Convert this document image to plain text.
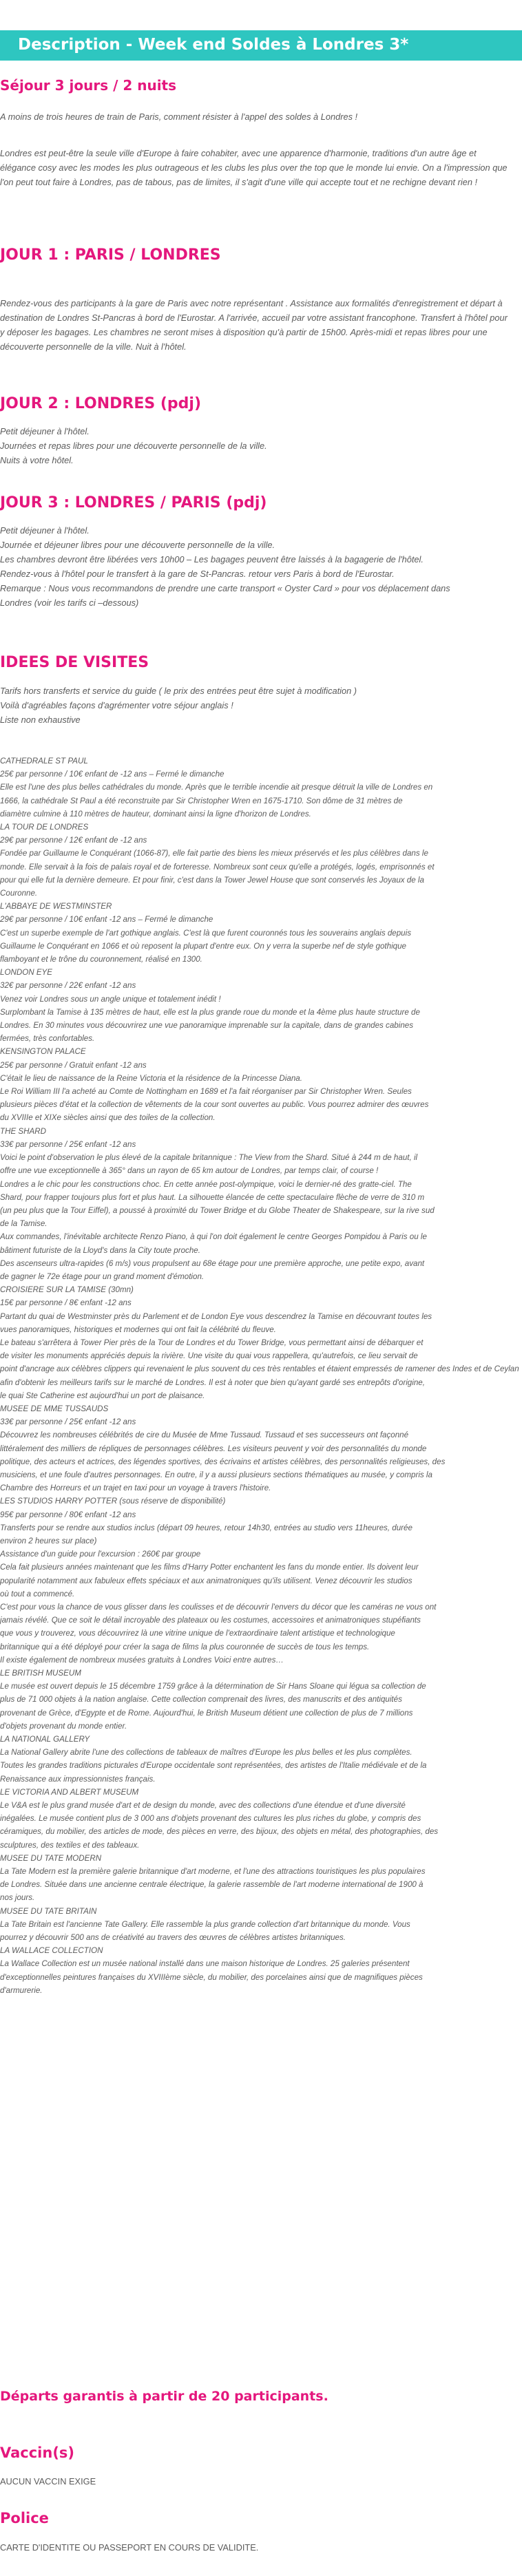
Description - Week end Soldes à Londres 3*
Séjour 3 jours / 2 nuits
A moins de trois heures de train de Paris, comment résister à l'appel des soldes à Londres !
Londres est peut-être la seule ville d'Europe à faire cohabiter, avec une apparence d'harmonie, traditions d'un autre âge et élégance cosy avec les modes les plus outrageous et les clubs les plus over the top que le monde lui envie. On a l'impression que l'on peut tout faire à Londres, pas de tabous, pas de limites, il s'agit d'une ville qui accepte tout et ne rechigne devant rien !
JOUR 1 : PARIS / LONDRES
Rendez-vous des participants à la gare de Paris avec notre représentant . Assistance aux formalités d'enregistrement et départ à destination de Londres St-Pancras à bord de l'Eurostar. A l'arrivée, accueil par votre assistant francophone. Transfert à l'hôtel pour y déposer les bagages. Les chambres ne seront mises à disposition qu'à partir de 15h00. Après-midi et repas libres pour une découverte personnelle de la ville. Nuit à l'hôtel.
JOUR 2 : LONDRES (pdj)
Petit déjeuner à l'hôtel.
Journées et repas libres pour une découverte personnelle de la ville.
Nuits à votre hôtel.
JOUR 3 : LONDRES / PARIS (pdj)
Petit déjeuner à l'hôtel.
Journée et déjeuner libres pour une découverte personnelle de la ville.
Les chambres devront être libérées vers 10h00 – Les bagages peuvent être laissés à la bagagerie de l'hôtel.
Rendez-vous à l'hôtel pour le transfert à la gare de St-Pancras. retour vers Paris à bord de l'Eurostar.
Remarque : Nous vous recommandons de prendre une carte transport « Oyster Card » pour vos déplacement dans
Londres (voir les tarifs ci –dessous)
IDEES DE VISITES
Tarifs hors transferts et service du guide ( le prix des entrées peut être sujet à modification )
Voilà d'agréables façons d'agrémenter votre séjour anglais !
Liste non exhaustive
CATHEDRALE ST PAUL
25€ par personne / 10€ enfant de -12 ans – Fermé le dimanche
Elle est l'une des plus belles cathédrales du monde. Après que le terrible incendie ait presque détruit la ville de Londres en
1666, la cathédrale St Paul a été reconstruite par Sir Christopher Wren en 1675-1710. Son dôme de 31 mètres de
diamètre culmine à 110 mètres de hauteur, dominant ainsi la ligne d'horizon de Londres.
LA TOUR DE LONDRES
29€ par personne / 12€ enfant de -12 ans
Fondée par Guillaume le Conquérant (1066-87), elle fait partie des biens les mieux préservés et les plus célèbres dans le
monde. Elle servait à la fois de palais royal et de forteresse. Nombreux sont ceux qu'elle a protégés, logés, emprisonnés et
pour qui elle fut la dernière demeure. Et pour finir, c'est dans la Tower Jewel House que sont conservés les Joyaux de la
Couronne.
L'ABBAYE DE WESTMINSTER
29€ par personne / 10€ enfant -12 ans – Fermé le dimanche
C'est un superbe exemple de l'art gothique anglais. C'est là que furent couronnés tous les souverains anglais depuis
Guillaume le Conquérant en 1066 et où reposent la plupart d'entre eux. On y verra la superbe nef de style gothique
flamboyant et le trône du couronnement, réalisé en 1300.
LONDON EYE
32€ par personne / 22€ enfant -12 ans
Venez voir Londres sous un angle unique et totalement inédit !
Surplombant la Tamise à 135 mètres de haut, elle est la plus grande roue du monde et la 4ème plus haute structure de
Londres. En 30 minutes vous découvrirez une vue panoramique imprenable sur la capitale, dans de grandes cabines
fermées, très confortables.
KENSINGTON PALACE
25€ par personne / Gratuit enfant -12 ans
C'était le lieu de naissance de la Reine Victoria et la résidence de la Princesse Diana.
Le Roi William III l'a acheté au Comte de Nottingham en 1689 et l'a fait réorganiser par Sir Christopher Wren. Seules
plusieurs pièces d'état et la collection de vêtements de la cour sont ouvertes au public. Vous pourrez admirer des œuvres
du XVIIIe et XIXe siècles ainsi que des toiles de la collection.
THE SHARD
33€ par personne / 25€ enfant -12 ans
Voici le point d'observation le plus élevé de la capitale britannique : The View from the Shard. Situé à 244 m de haut, il
offre une vue exceptionnelle à 365° dans un rayon de 65 km autour de Londres, par temps clair, of course !
Londres a le chic pour les constructions choc. En cette année post-olympique, voici le dernier-né des gratte-ciel. The
Shard, pour frapper toujours plus fort et plus haut. La silhouette élancée de cette spectaculaire flèche de verre de 310 m
(un peu plus que la Tour Eiffel), a poussé à proximité du Tower Bridge et du Globe Theater de Shakespeare, sur la rive sud
de la Tamise.
Aux commandes, l'inévitable architecte Renzo Piano, à qui l'on doit également le centre Georges Pompidou à Paris ou le
bâtiment futuriste de la Lloyd's dans la City toute proche.
Des ascenseurs ultra-rapides (6 m/s) vous propulsent au 68e étage pour une première approche, une petite expo, avant
de gagner le 72e étage pour un grand moment d'émotion.
CROISIERE SUR LA TAMISE (30mn)
15€ par personne / 8€ enfant -12 ans
Partant du quai de Westminster près du Parlement et de London Eye vous descendrez la Tamise en découvrant toutes les
vues panoramiques, historiques et modernes qui ont fait la célébrité du fleuve.
Le bateau s'arrêtera à Tower Pier près de la Tour de Londres et du Tower Bridge, vous permettant ainsi de débarquer et
de visiter les monuments appréciés depuis la rivière. Une visite du quai vous rappellera, qu'autrefois, ce lieu servait de
point d'ancrage aux célèbres clippers qui revenaient le plus souvent du ces très rentables et étaient empressés de ramener des Indes et de Ceylan
afin d'obtenir les meilleurs tarifs sur le marché de Londres. Il est à noter que bien qu'ayant gardé ses entrepôts d'origine,
le quai Ste Catherine est aujourd'hui un port de plaisance.
MUSEE DE MME TUSSAUDS
33€ par personne / 25€ enfant -12 ans
Découvrez les nombreuses célébrités de cire du Musée de Mme Tussaud. Tussaud et ses successeurs ont façonné
littéralement des milliers de répliques de personnages célèbres. Les visiteurs peuvent y voir des personnalités du monde
politique, des acteurs et actrices, des légendes sportives, des écrivains et artistes célèbres, des personnalités religieuses, des
musiciens, et une foule d'autres personnages. En outre, il y a aussi plusieurs sections thématiques au musée, y compris la
Chambre des Horreurs et un trajet en taxi pour un voyage à travers l'histoire.
LES STUDIOS HARRY POTTER (sous réserve de disponibilité)
95€ par personne / 80€ enfant -12 ans
Transferts pour se rendre aux studios inclus (départ 09 heures, retour 14h30, entrées au studio vers 11heures, durée
environ 2 heures sur place)
Assistance d'un guide pour l'excursion : 260€ par groupe
Cela fait plusieurs années maintenant que les films d'Harry Potter enchantent les fans du monde entier. Ils doivent leur
popularité notamment aux fabuleux effets spéciaux et aux animatroniques qu'ils utilisent. Venez découvrir les studios
où tout a commencé.
C'est pour vous la chance de vous glisser dans les coulisses et de découvrir l'envers du décor que les caméras ne vous ont
jamais révélé. Que ce soit le détail incroyable des plateaux ou les costumes, accessoires et animatroniques stupéfiants
que vous y trouverez, vous découvrirez là une vitrine unique de l'extraordinaire talent artistique et technologique
britannique qui a été déployé pour créer la saga de films la plus couronnée de succès de tous les temps.
Il existe également de nombreux musées gratuits à Londres Voici entre autres…
LE BRITISH MUSEUM
Le musée est ouvert depuis le 15 décembre 1759 grâce à la détermination de Sir Hans Sloane qui légua sa collection de
plus de 71 000 objets à la nation anglaise. Cette collection comprenait des livres, des manuscrits et des antiquités
provenant de Grèce, d'Egypte et de Rome. Aujourd'hui, le British Museum détient une collection de plus de 7 millions
d'objets provenant du monde entier.
LA NATIONAL GALLERY
La National Gallery abrite l'une des collections de tableaux de maîtres d'Europe les plus belles et les plus complètes.
Toutes les grandes traditions picturales d'Europe occidentale sont représentées, des artistes de l'Italie médiévale et de la
Renaissance aux impressionnistes français.
LE VICTORIA AND ALBERT MUSEUM
Le V&A est le plus grand musée d'art et de design du monde, avec des collections d'une étendue et d'une diversité
inégalées. Le musée contient plus de 3 000 ans d'objets provenant des cultures les plus riches du globe, y compris des
céramiques, du mobilier, des articles de mode, des pièces en verre, des bijoux, des objets en métal, des photographies, des
sculptures, des textiles et des tableaux.
MUSEE DU TATE MODERN
La Tate Modern est la première galerie britannique d'art moderne, et l'une des attractions touristiques les plus populaires
de Londres. Située dans une ancienne centrale électrique, la galerie rassemble de l'art moderne international de 1900 à
nos jours.
MUSEE DU TATE BRITAIN
La Tate Britain est l'ancienne Tate Gallery. Elle rassemble la plus grande collection d'art britannique du monde. Vous
pourrez y découvrir 500 ans de créativité au travers des œuvres de célèbres artistes britanniques.
LA WALLACE COLLECTION
La Wallace Collection est un musée national installé dans une maison historique de Londres. 25 galeries présentent
d'exceptionnelles peintures françaises du XVIIIème siècle, du mobilier, des porcelaines ainsi que de magnifiques pièces
d'armurerie.
Départs garantis à partir de 20 participants.
Vaccin(s)
AUCUN VACCIN EXIGE
Police
CARTE D'IDENTITE OU PASSEPORT EN COURS DE VALIDITE.
